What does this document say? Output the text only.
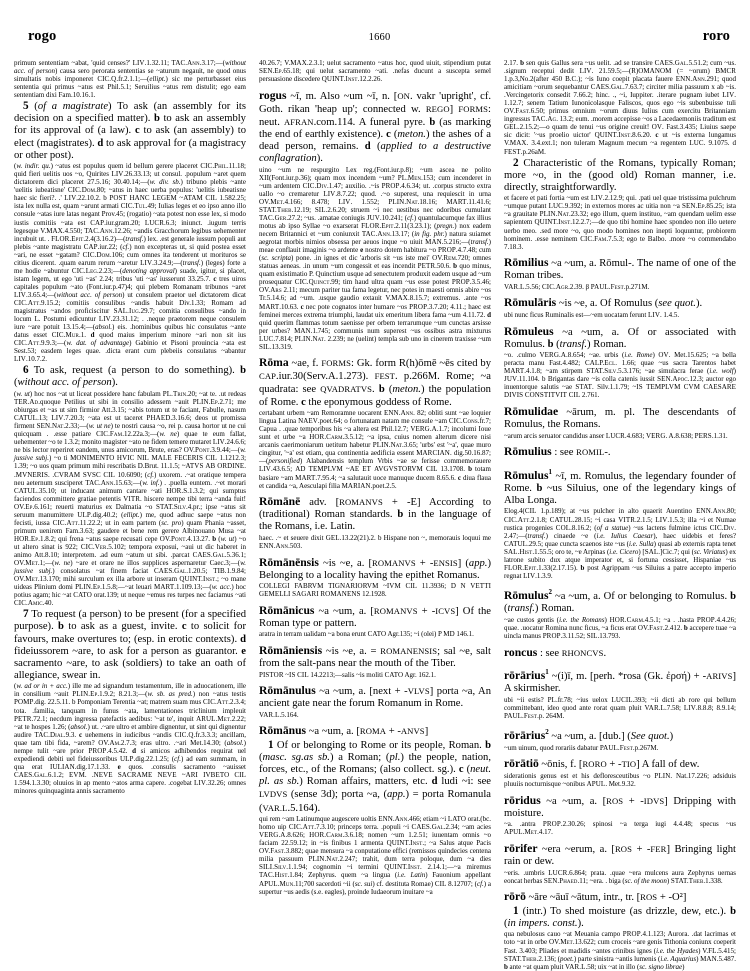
rogo	1660	roro

primum sententiam ~abat, 'quid censes?' LIV.1.32.11; TAC.Ann.3.17;—(without acc. of person) causa sero perorata sententias se ~aturum negauit, ne quod onus simultatis nobis imponeret CIC.Q.fr.2.1.1;—(ellipt.) sic me perturbasset eius sententia qui primus ~atus est Phil.5.1; Seruilius ~atus rem distulit; ego eam sententiam dixi Fam.10.16.1.

5 (of a magistrate) To ask (an assembly for its decision on a specified matter). b to ask an assembly for its approval of (a law). c to ask (an assembly) to elect (magistrates). d to ask approval for (a magistracy or other post).

(w. indir. qu.) ~atus est populus quem id bellum gerere placeret CIC.Phil.11.18; quid fieri uelitis uos ~o, Quirites LIV.26.33.13; ut consul. .populum ~aret quem dictatorem dici placeret 27.5.16; 30.40.14;—(w. div. sb.) tribuno plebis ~ante 'uelitis iubeatisne' CIC.Dom.80; ~atus in haec uerba populus: 'uelitis iubeatisne haec sic fieri?. .' LIV.22.10.2. b POST HANC LEGEM ~ATAM CIL 1.582.25; ista lex nulla est, quam ~arunt armati CIC.Tul.49; Iulias leges et eo ipso anno illo consule ~atas iure latas negant Prov.45; (rogatio) ~ata potest non esse lex, si modo iustis comitiis ~ata est CAP.iur.gram.20; LUCR.6.3; iniunct. .iugum terris legesque V.MAX.4.550; TAC.Ann.12.26; ~andis Gracchorum legibus uehementer incubuit ut. . FLOR.Epit.2.4(3.16.2)—(transf.) lex. .est generale iussum populi aut plebis ~ante magistratu CAP.iur.22; (cf.) non excepteras ut, si quid postea esset ~ari, ne esset ~gatam? CIC.Dom.106; cum omnes ita tenderent ut morituros se citius dicerent. .quam earum rerum ~aretur LIV.3.24.9;—(transf.) (leges) forte a me hodie ~abuntur CIC.Leg.2.23;—(denoting approval) suade, igitur, si placet, istam legem, ut ego 'uti ~as' 2.24; tribus 'uti ~as' iusserunt 33.25.7. c tres uiros capitales populum ~ato (Font.iur.p.47)4; qui plebem Romanam tribunos ~aret LIV.3.65.4;—(without acc. of person) ut consulem praetor uel dictatorem dicat CIC.Att.9.15.2; comitiis consulibus ~andis habuit Div.1.33; Romam ad magistratus ~andos proficiscitur SAL.Iug.29.7; comitia consulibus ~ando in locum L. Postumi edicuntur LIV.23.31.12; . .neque praetorem neque consulem iure ~are potuit 13.15.4;—(absol.) eis. .hominibus quibus hic consulatus ~ante datus esset CIC.Mur.1. d quod maius imperium minore ~ari non sit ius CIC.Att.9.9.3;—(w. dat. of advantage) Gabinio et Pisoni prouincia ~ata est Sest.53; easdem leges quae. .dicta erant cum plebeiis consulatus ~abantur LIV.10.7.2.

6 To ask, request (a person to do something). b (without acc. of person).

(w. ut) hoc nos ~at ut liceat possidere hanc fabulam PL.Trin.20; ~at te. .ut redeas TER.Ad.quoque Petilius ut sibi in consilio adessem ~auit PLIN.Ep.2.71; me obiurgas et ~as ut sim firmior Att.3.15; ~abis totum ut te faciant, Fabulle, nasum CATUL.13; LIV.7.20.3; ~ata est ut taceret PHAED.3.16.6; deos ut promissa firment SEN.Nat.2.33;—(w. ut ne) te nostri causa ~o, rei p. causa hortor ut ne cui quicquam . .esse patiare CIC.Fam.12.22a.3;—(w. ne) quae te eum fallat, uehementer ~o te 1.3.2; monito magister ~ato ne fidem temere mutaret LIV.24.6.6; ne bis lector reperiret eandem, unus amicorum, Brute, eras? OV.Pont.3.9.44;—(w. jussive subj.) ~o ti MONIMENTO HVIC NIL MALE FECERIS CIL 1.1212.3; 1.39; ~o uos quam primum mihi rescribatis D.Brut. 11.1.5; ~ATVS AB ORDINE. .MVNERIS. .CVRAM SVSC CIL 10.6090; (cf.) uxorem. .~at oratique tempera neu aeternum susciperet TAC.Ann.15.63;—(w. inf.) . .puella euntem. .~et morari CATUL.35.10; ut inducant animum cantare ~ati HOR.S.1.3.2; qui sumptus faciendos committere gratiae petentis VITR. hiscere nempe tibi terra ~anda fuit! OV.Ep.6.161; reuerti maturius ex Dalmatia ~o STAT.Silv.4.pr.; ipse ~atus sit seruum manumittere ULP.dig.40.2; (ellipt.) me, quod adhuc saepe ~atus non fecisti, iussa CIC.Att.11.22.2; ut in eam partem (sc. pro) quam Phania ~asset, primum uenirem Fam.3.63; gaudere et bene rem gerere Albinouano Musa ~at HOR.Ep.1.8.2; qui frena ~atus saepe recusati cepe OV.Pont.4.13.27. b (w. ut) ~o ut altero sinat is 922; CIC.Ver.5.102; tempora exposui, ~aui ut dic haberet in animo Att.8.10; interpretem. .ad eum ~atum ut sibi. .parcat CAES.Gal.5.36.1; OV.Met.1;—(w. ne) ~are et orare ne illos supplices aspernaretur Caec.3;—(w. jussive subj.) consolatus ~at finem faciat CAES.Gal.1.20.5; TIB.1.9.84; OV.Met.13.170; mihi surculum ex illa arbore ut inseram QUINT.Inst.; ~o mane uideas Plinium domi PLIN.Ep.1.5.8;—~at leuari MART.1.109.13;—(w. acc.) hoc potius agam; hic ~at CATO orat.139; ut neque ~emus res turpes nec faciamus ~ati CIC.Amic.40.

7 To request (a person) to be present (for a specified purpose). b to ask as a guest, invite. c to solicit for favours, make overtures to; (esp. in erotic contexts). d fideiussorem ~are, to ask for a person as guarantor. e sacramento ~are, to ask (soldiers) to take an oath of allegiance, swear in.

(w. ad or in + acc.) ille me ad signandum testamentum, ille in aduocationem, ille in consilium ~auit PLIN.Ep.1.9.2; 8.21.3;—(w. sb. as pred.) non ~atus testis POMP.dig. 22.5.11. b Pomponiam Terentia ~at; matrem suam mus CIC.Att.2.3.4; tota. .familia, tanquam in funus ~ata, lamentationes triclinium impleuit PETR.72.1; necdum ingressa patefactis aedibus: '~at te', inquit ARUL.Met.2.22; ~at te hospes 1.26; (absol.) ut. .~are ultro et ambire dignentur, ut sint qui dignentur audire TAC.Dial.9.3. c uehemens in iudicibus ~andis CIC.Q.fr.3.3.3; ancillam, quae tam tibi fida, ~arem? OV.Am.2.7.3; eras ultro. .~ari Met.14.30; (absol.) nempe tulit ~are prior PROP.4.5.42. d si amicos adhibendos requirat uel expediendi debiti uel fideiussoribus ULP.dig.22.1.25; (cf.) ad eam summam, in qua erat IULIAN.dig.17.1.33. e quos. .consulis sacramento ~auisset CAES.Gal.6.1.2; EVM. .NEVE SACRAME NEVE ~ARI IVBETO CIL 1.594.1.3.30; oluuios in ap mento ~atos arma capere. .cogebat LIV.32.26; omnes minores quinquaginta annis sacramento

40.26.7; V.MAX.2.3.1; uelut sacramento ~atus hoc, quod uiuit, stipendium putat SEN.Ep.65.18; qui uelut sacramento ~ati. .nefas ducunt a suscepta semel persuasione discedere QUINT.Inst.12.2.26.

rogus ~ī, m. Also ~um ~ī, n. [ON. vakr 'upright', cf. Goth. rikan 'heap up'; connected w. REGO] FORMS: neut. AFRAN.com.114. A funeral pyre. b (as marking the end of earthly existence). c (meton.) the ashes of a dead person, remains. d (applied to a destructive conflagration).

uino ~um ne respurgito Lex reg.(Font.iur.p.8); ~um ascea ne polito XII(Font.iur.p.36); quam mox incendem ~um? PL.Men.153; cum incenderet in ~um ardentem CIC.Div.1.47; auxilio. .~is PROP.4.6.34; ut. .corpus structo extra uallo ~o cremaretur LIV.8.7.22; quod. .~o superest, una requiescit in urna OV.Met.4.166; 8.478; LIV. 1.552; PLIN.Nat.18.16; MART.11.41.6; STAT.Theb.12.19; SIL.2.6.20; struem ~i nec uestibus nec odoribus cumulant TAC.Ger.27.2; ~us. .amatae coniugis JUV.10.241; (cf.) quantulacumque fax illius motus ab ipso Syllae ~o exarserat FLOR.Epit.2.11(3.23.1); (pregn.) nox eadem necem Britannici et ~um coniunxit TAC.Ann.13.17; (in fig. phr.) natura suiamet aegrotat morbis nimios obsessa per aeuos inque ~o uiuit MAN.5.216;—(transf.) meae conflauit imaginis ~o ardente e nostro dotem habitura ~o PROP.4.7.48; cum (sc. scripta) pone. .in ignes et dic 'arboris sit ~us iste mei' OV.Rem.720; omnes statuas aeneas. .in unum ~um congessit et eas incendit PETR.50.6. b quo minus, quam existimatio P. Quinctium usque ad senectutem produxit eadem usque ad ~um prosequatur CIC.Quinct.99; tim haud ultra quam ~us esse potest PROP.3.5.46; OV.Ars 2.11; mecum pariter tua fama legetur, nec potes in maesti omnis abire ~os Tr.5.14.6; ad ~um. .usque gaudio extauit V.MAX.8.15.7; extremus. .ante ~os MART.10.63. c nec pote cognatos inter humare ~os PROP.3.7.20; 4.11.; haec est feminei merces extrema triumphi, laudat uix emeritum libera fama ~um 4.11.72. d quid querim flammas totum saenisse per orbem terrarumque ~um cunctas arsisse per urbes? MAN.1.745; communis num superest ~us ossibus astra mixturus LUC.7.814; PLIN.Nat. 2.239; ne (uelint) templa sub uno in cinerem traxisse ~um SIL.13.319.

Rōma ~ae, f. FORMS: Gk. form R(h)ōmē ~ēs cited by CAP.iur.30(Serv.A.1.273). FEST. p.266M. Rome; ~a quadrata: see QVADRATVS. b (meton.) the population of Rome. c the eponymous goddess of Rome.

certabant urbem ~am Remoramne uocarent ENN.Ann. 82; obliti sunt ~ae loquier lingua Latina NAEV.poet.64; o fortunatam natam me consule ~am CIC.Cons.fr.7; Capua . .quae temporibus his ~a altera est Phil.12.7; VERG.A.1.7; incolumi Ioue sunt et urbe ~a HOR.Carm.3.5.12; ~a ipsa, cuius nomen alterum dicere nisi arcanis caerimoniarum uetitum habetur PLIN.Nat.3.65; 'urbs' est '~a', quae muro cingitur, '~a' est etiam, qua continentia aedificia essent MARCIAN. dig.50.16.87;—(personified) Alabandensis templum Vrbis ~ae se ferisse commemorauere LIV.43.6.5; AD TEMPLVM ~AE ET AVGVSTORVM CIL 13.1708. b totam basiare ~am MART.7.95.4; ~a salutauit uoce manuque ducem 8.65.6. c diua flaua et candida ~a, Aesculapi filia MARIAN.poet.2.5.

Rōmānē adv. [ROMANVS + -E] According to (traditional) Roman standards. b in the language of the Romans, i.e. Latin.

haec. .~ et seuere dixit GEL.13.22(21).2. b Hispane non ~, memorauis loquui me ENN.Ann.503.

Rōmānēnsis ~is ~e, a. [ROMANVS + -ENSIS] (app.) Belonging to a locality having the epithet Romanus.

COLLEGI FABRVM TIGNARIORVM ~IVM CIL 11.3936; D N VETTI GEMELLI SAGARI ROMANENS 12.1928.

Rōmānicus ~a ~um, a. [ROMANVS + -ICVS] Of the Roman type or pattern.

aratra in terram ualidam ~a bona erunt CATO Agr.135; ~i (olei) P MD 146.1.

Rōmāniensis ~is ~e, a. = ROMANENSIS; sal ~e, salt from the salt-pans near the mouth of the Tiber.

PISTOR ~IS CIL 14.2213;—salis ~is moliti CATO Agr. 162.1.

Rōmānulus ~a ~um, a. [next + -VLVS] porta ~a, An ancient gate near the forum Romanum in Rome.

VAR.L.5.164.

Rōmānus ~a ~um, a. [ROMA + -ANVS]

1 Of or belonging to Rome or its people, Roman. b (masc. sg.as sb.) a Roman; (pl.) the people, nation, forces, etc., of the Romans; (also collect. sg.). c (neut. pl. as sb.) Roman affairs, matters, etc. d ludi ~i: see LVDVS (sense 3d); porta ~a, (app.) = porta Romanula (VAR.L.5.164).

qui rem ~am Latinumque augescere uoltis ENN.Ann.466; etiam ~i LATO orat.(bc. homo uip CIC.Att.7.3.10; princeps terra. .populi ~i CAES.Gal.2.34; ~am acies VERG.A.8.626; HOR.Carm.3.6.18; nomen ~um 1.2.51; iuuentam omnis ~o faciam 22.59.12; in ~is finibus 1 armenta QUINT.Inst.; ~a Salus atque Pacis OV.Fast.3.882; quae mensura ~a conputatione effici (remissos quindecies centena milia passuum PLIN.Nat.2.247; trahit, dum terra poloque, dum ~a dies SILI.Silv.1.1.94; cognomin ~i termini QUINT.Inst. 2.14.1;—~a miremus TAC.Hist.1.84; Zephyrus. quem ~a lingua (i.e. Latin) Fauonium appellant APUL.Mun.11;700 sacerdoti ~ii (sc. sui) cf. destituta Romae) CIL 8.12707; (cf.) a supertur ~us aedis (s.e. eagles), proinde Iudaeorum inuitare ~a

2.17. b sen quis Gallus sera ~us uelit. .ad se transire CAES.Gal.5.51.2; cum ~us. .signum receptui dedit LIV. 21.59.5;—(R)OMANOM (= ~orum) BMCR 1.p.3,No.2(after 450 B.C.); ~is Iuno coepit placata fauere ENN.Ann.291; quod amicitiam ~orum sequebantur CAES.Gal.7.63.7; circiter milia passuum x ab ~is. .Vercingetorix consedit 7.66.2; hinc. ., ~i, Iuppiter. .iterare pugnam iubet LIV. 1.12.7; senem Tatium Iunonicolasque Faliscos, quos ego ~is subenbuisse tuli OV.Fast.6.50; primus omnium ~orum diuus Iulius cum exercitu Britanniam ingressus TAC.Ag. 13.2; eum. .morem accepisse ~os a Lacedaemoniis traditum est GEL.2.15.2;—o quam de tenui ~us origine creuit! OV. Fast.3.435; Liuius saepe sic dicit: '~us proelio uictor' QUINT.Inst.8.6.20. c ut ~is externa lungamus V.MAX. 3.4.ext.1; non tuleram Magnum mecum ~a regentem LUC. 9.1075. d FEST.p.26aM.

2 Characteristic of the Romans, typically Roman; more ~o, in the (good old) Roman manner, i.e. directly, straightforwardly.

et facere et pati fortia ~um est LIV.2.12.9; qui. .pati uel quae tristissima pulchrum ~umque putant LUC.9.392; in externos mores ac uitia non ~a SEN.Ep.85.25; ista ~a grauitate PLIN.Nat.23.32; ego illum, quem instituo, ~am quendam uelim esse sapientem QUINT.Inst.12.2.7;—de quo tibi homine haec spondeo non illo uetere uerbo meo. .sed more ~o, quo modo homines non inepti loquuntur, probiorem hominem. .esse neminem CIC.Fam.7.5.3; ego te Balbo. .more ~o commendabo 7.18.3.

Rōmilius ~a ~um, a. Rōmul-. The name of one of the Roman tribes.

VAR.L.5.56; CIC.Agr.2.39. β PAUL.Fest.p.271M.

Rōmulāris ~is ~e, a. Of Romulus (see quot.).

ubi nunc ficus Ruminalis est—~em uocatam ferunt LIV. 1.4.5.

Rōmuleus ~a ~um, a. Of or associated with Romulus. b (transf.) Roman.

~o. .culmo VERG.A.8.654; ~ae. urbis (i.e. Rome) OV. Met.15.625; ~a bella peracta manu Fast.4.482; CALP.Ecl. 1.66; quae ~us sacra Tarentos habet MART.4.1.8; ~am stirpem STAT.Silv.5.3.176; ~ae simulacra ferae (i.e. wolf) JUV.11.104. b Brigantas dare ~is colla catenis iussit SEN.Apoc.12.3; auctor ego inuentorque salutis ~ae STAT. Silv.1.1.79; ~IS TEMPLVM CVM CAESARE DIVIS CONSTITVIT CIL 2.761.

Rōmulidae ~ārum, m. pl. The descendants of Romulus, the Romans.

~arum arcis seruator candidus anser LUCR.4.683; VERG. A.8.638; PERS.1.31.

Rōmulius : see ROMIL-.

Rōmulus$^1$ ~ī, m. Romulus, the legendary founder of Rome. b ~us Siluius, one of the legendary kings of Alba Longa.

Elog.4(CIL 1.p.189); at ~us pulcher in alto quaerit Auentino ENN.Ann.80; CIC.Att.2.1.8; CATUL.28.15; ~i casa VITR.2.1.5; LIV.1.5.3; illa ~i et Numae rustica progenies COL.8.16.2; (of a statue) ~us lactens fulmine ictus CIC.Div. 2.47;—(transf.) cinaede ~e (i.e. Iulius Caesar), haec uidebis et feres? CATUL.29.5; quae cuncta scaenos iste ~us (i.e. Sulla) quasi ab externis rapta tenet SAL.Hist.1.55.5; oro te, ~e Arpinas (i.e. Cicero) [SAL.]Cic.7; qui (sc. Viriatus) ex latrone subito dux atque imperator et, si fortuna cessisset, Hispaniae ~us FLOR.Epit.1.33(2.17.15). b post Agrippam ~us Siluius a patre accepto imperio regnat LIV.1.3.9.

Rōmulus$^2$ ~a ~um, a. Of or belonging to Romulus. b (transf.) Roman.

~ae custos gentis (i.e. the Romans) HOR.Carm.4.5.1; ~a . .hasta PROP.4.4.26; quae. .uocatur Romina nunc ficus, ~a ficus erat OV.Fast.2.412. b accepere tuae ~a uincla manus PROP.3.11.52; SIL.13.793.

roncus : see RHONCVS.

rōrārius$^1$ ~(i)ī, m. [perh. *rosa (Gk. ἐρσή) + -ARIVS] A skirmisher.

ubi ~ii estis? PL.fr.78; ~ius uelox LUCIL.393; ~ii dicti ab rore qui bellum committebant, ideo quod ante rorat quam pluit VAR.L.7.58; LIV.8.8.8; 8.9.14; PAUL.Fest.p. 264M.

rōrārius$^2$ ~a ~um, a. [dub.] (See quot.)

~um uinum, quod rorariis dabatur PAUL.Fest.p.267M.

rōrātiō ~ōnis, f. [RORO + -TIO] A fall of dew.

siderationis genus est et his defloresceutibus ~o PLIN. Nat.17.226; adsiduis pluuiis nocturnisque ~onibus APUL. Met.9.32.

rōridus ~a ~um, a. [ROS + -IDVS] Dripping with moisture.

~a. .antra PROP.2.30.26; spinosi ~a terga iugi 4.4.48; specus ~us APUL.Met.4.17.

rōrifer ~era ~erum, a. [ROS + -FER] Bringing light rain or dew.

~eris. .umbris LUCR.6.864; prata. .quae ~era mulcens aura Zephyrus uernas eoncat herbas SEN.Phaed.11; ~era. . biga (sc. of the moon) STAT.Theb.1.338.

rōrō ~āre ~āuī ~ātum, intr., tr. [ROS + -O²]

1 (intr.) To shed moisture (as drizzle, dew, etc.). b (in impers. const.).

qua nebulosus cauo ~at Meuania campo PROP.4.1.123; Aurora. .dat lacrimas et toto ~at in orbe OV.Met.13.622; cum croceis ~are genis Tithonia coniunx coeperit Fast. 3.403; Pliades et madidis ~antes crinibus ignes (i.e. the Hyades) V.FL.5.415; STAT.Theb.2.136; (poet.) parte sinistra ~antis lumenis (i.e. Aquarius) MAN.5.487. b ante ~at quam pluit VAR.L.58; uix ~at in illo (sc. signo librae)
